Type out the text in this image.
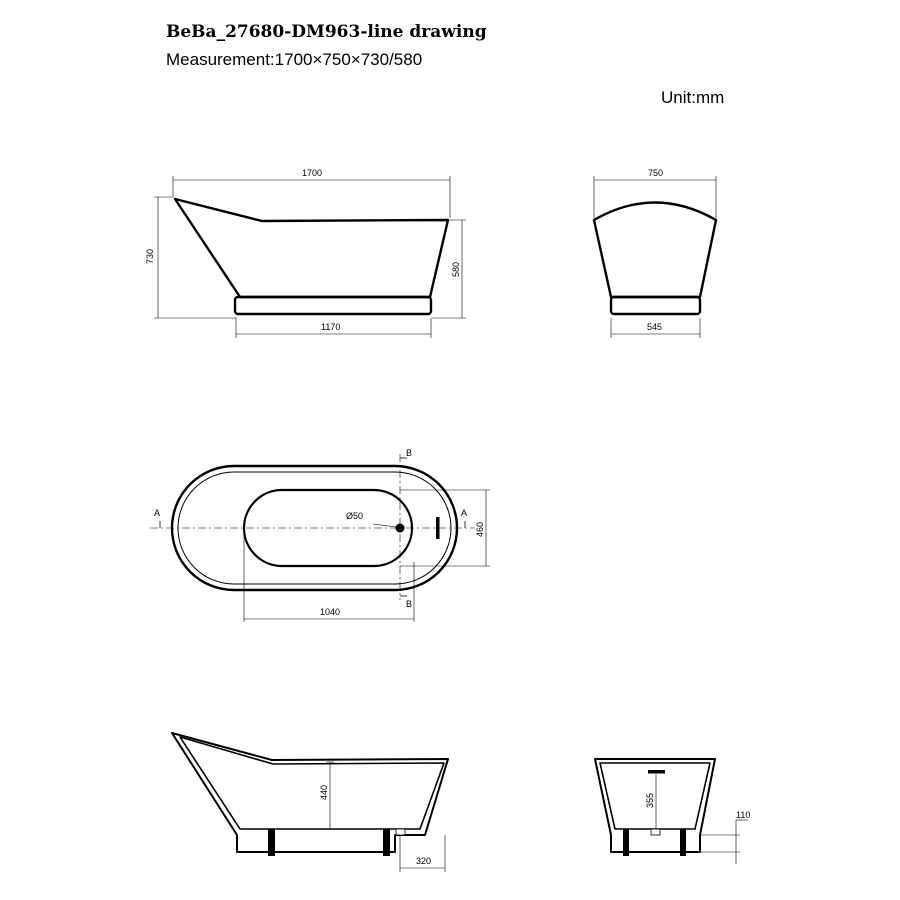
BeBa_27680-DM963-line drawing
Measurement:1700×750×730/580
Unit:mm
1700
730
580
1170
750
545
A	A
B
B
Ø50
460
1040
440
320
355
110
